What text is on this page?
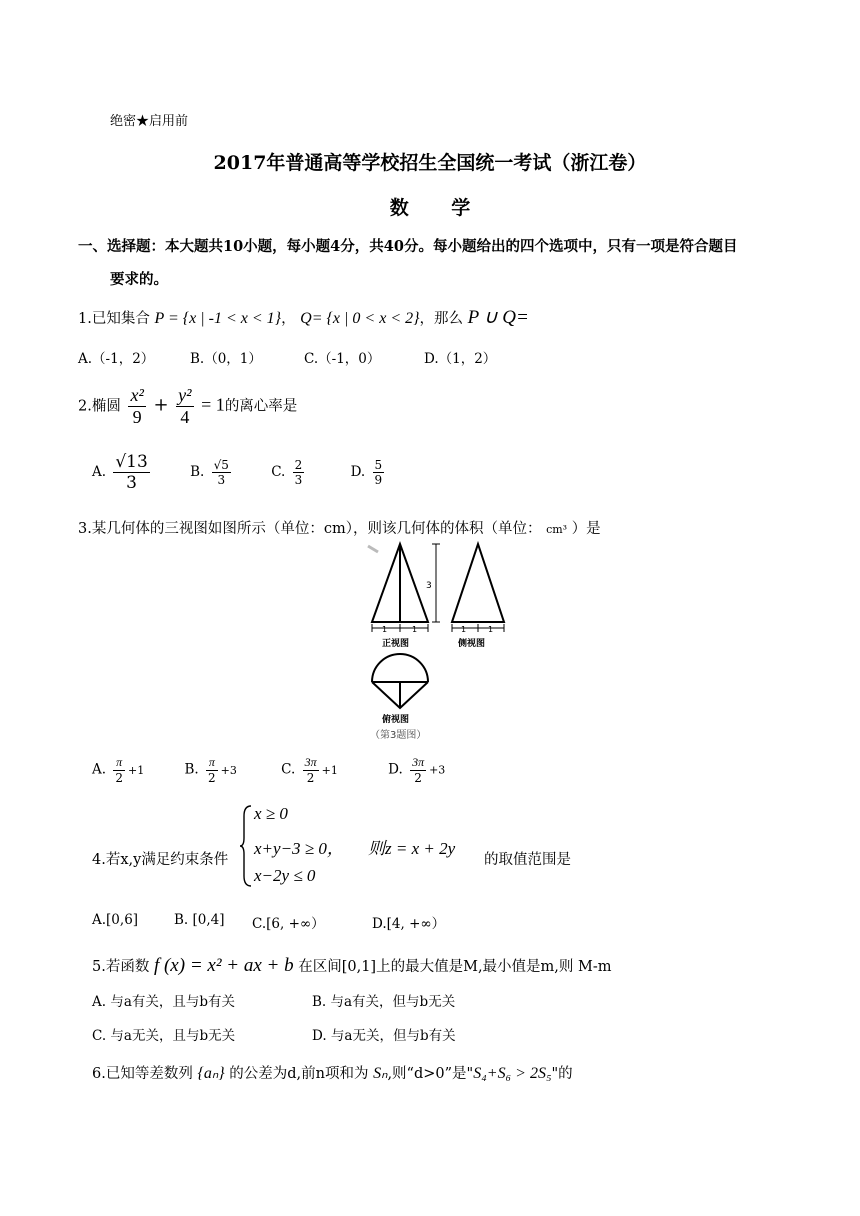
绝密★启用前
2017年普通高等学校招生全国统一考试（浙江卷）
数 学
一、选择题：本大题共10小题，每小题4分，共40分。每小题给出的四个选项中，只有一项是符合题目
要求的。
1.已知集合 P = {x | -1 < x < 1}， Q= {x | 0 < x < 2}，那么 P ∪ Q=
A.（-1，2）	B.（0，1）	C.（-1，0）	D.（1，2）
2.椭圆 $\frac{\text{x²}}{9} + \frac{\text{y²}}{4} = 1$的离心率是
A. $\frac{√13}{3}$	B. $\frac{√5}{3}$	C. $\frac{2}{3}$	D. $\frac{5}{9}$
3.某几何体的三视图如图所示（单位：cm），则该几何体的体积（单位： cm³ ）是
3
1	1
正视图
1	1
侧视图
俯视图
（第3题图）
A. $\frac{\pi}{2} +1$	B. $\frac{\pi}{2} +3$	C. $\frac{3\pi}{2} +1$	D. $\frac{3\pi}{2} +3$
4.若x,y满足约束条件
x ≥ 0
x+y−3 ≥ 0， 则z = x + 2y
的取值范围是
x−2y ≤ 0
A.[0,6]	B. [0,4] C.[6, +∞）	D.[4, +∞）
5.若函数 f (x) = x² + ax + b 在区间[0,1]上的最大值是M,最小值是m,则 M-m
A. 与a有关，且与b有关	B. 与a有关，但与b无关
C. 与a无关，且与b无关	D. 与a无关，但与b有关
6.已知等差数列 {aₙ} 的公差为d,前n项和为 Sₙ,则“d>0”是"S₄+S₆ > 2S₅"的
